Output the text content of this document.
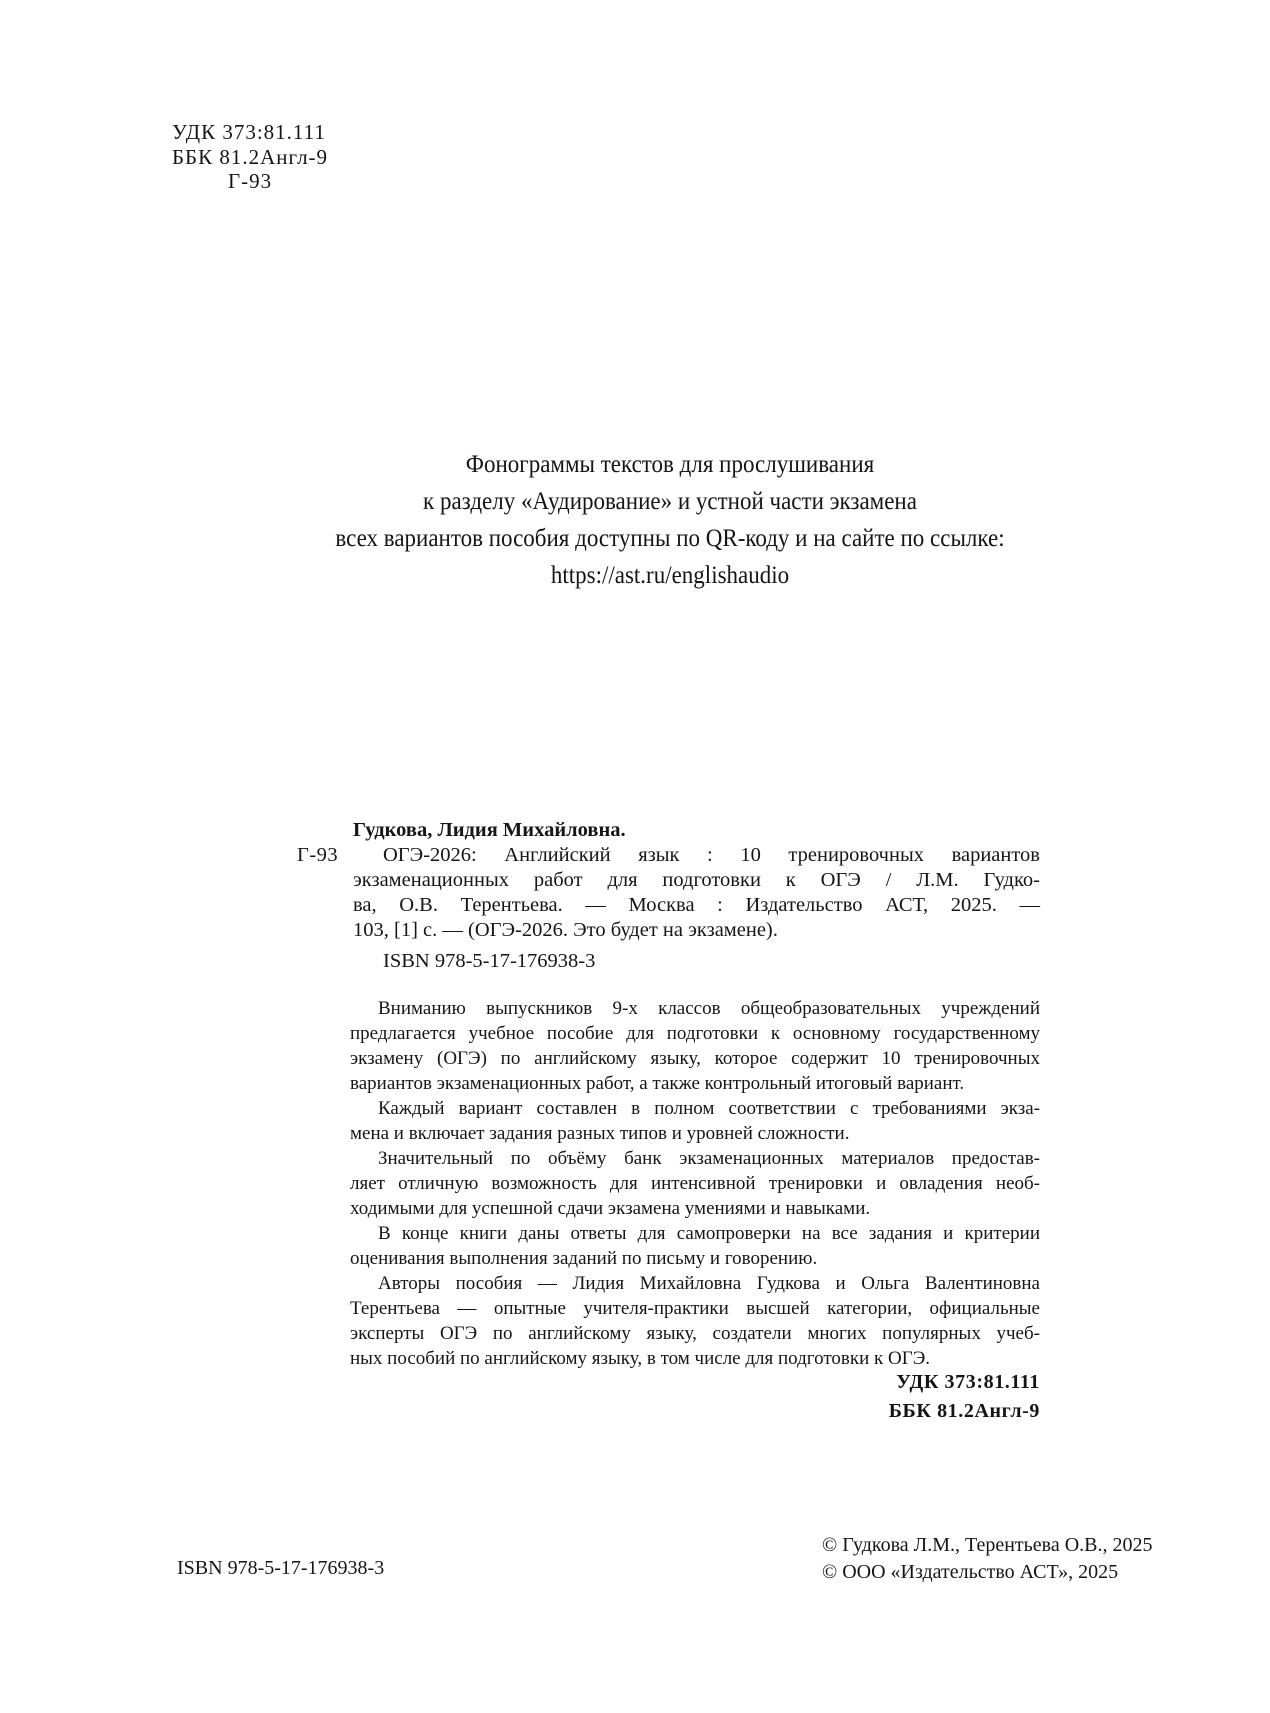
УДК 373:81.111
ББК 81.2Англ-9
Г-93
Фонограммы текстов для прослушивания
к разделу «Аудирование» и устной части экзамена
всех вариантов пособия доступны по QR-коду и на сайте по ссылке:
https://ast.ru/englishaudio
Гудкова, Лидия Михайловна.
Г-93	ОГЭ-2026: Английский язык : 10 тренировочных вариантов
экзаменационных работ для подготовки к ОГЭ / Л.М. Гудко-
ва, О.В. Терентьева. — Москва : Издательство АСТ, 2025. —
103, [1] с. — (ОГЭ-2026. Это будет на экзамене).
ISBN 978-5-17-176938-3
Вниманию выпускников 9-х классов общеобразовательных учреждений
предлагается учебное пособие для подготовки к основному государственному
экзамену (ОГЭ) по английскому языку, которое содержит 10 тренировочных
вариантов экзаменационных работ, а также контрольный итоговый вариант.
Каждый вариант составлен в полном соответствии с требованиями экза-
мена и включает задания разных типов и уровней сложности.
Значительный по объёму банк экзаменационных материалов предостав-
ляет отличную возможность для интенсивной тренировки и овладения необ-
ходимыми для успешной сдачи экзамена умениями и навыками.
В конце книги даны ответы для самопроверки на все задания и критерии
оценивания выполнения заданий по письму и говорению.
Авторы пособия — Лидия Михайловна Гудкова и Ольга Валентиновна
Терентьева — опытные учителя-практики высшей категории, официальные
эксперты ОГЭ по английскому языку, создатели многих популярных учеб-
ных пособий по английскому языку, в том числе для подготовки к ОГЭ.
УДК 373:81.111
ББК 81.2Англ-9
ISBN 978-5-17-176938-3
© Гудкова Л.М., Терентьева О.В., 2025
© ООО «Издательство АСТ», 2025
